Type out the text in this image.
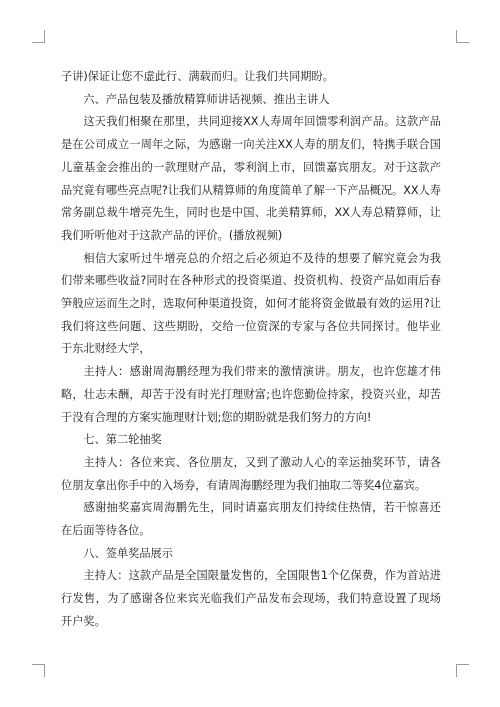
子讲)保证让您不虚此行、满载而归。让我们共同期盼。

六、产品包装及播放精算师讲话视频、推出主讲人

这天我们相聚在那里，共同迎接XX人寿周年回馈零利润产品。这款产品是在公司成立一周年之际，为感谢一向关注XX人寿的朋友们，特携手联合国儿童基金会推出的一款理财产品，零利润上市，回馈嘉宾朋友。对于这款产品究竟有哪些亮点呢?让我们从精算师的角度简单了解一下产品概况。XX人寿常务副总裁牛增亮先生，同时也是中国、北美精算师，XX人寿总精算师，让我们听听他对于这款产品的评价。(播放视频)

相信大家听过牛增亮总的介绍之后必须迫不及待的想要了解究竟会为我们带来哪些收益?同时在各种形式的投资渠道、投资机构、投资产品如雨后春笋般应运而生之时，选取何种渠道投资，如何才能将资金做最有效的运用?让我们将这些问题、这些期盼，交给一位资深的专家与各位共同探讨。他毕业于东北财经大学，

主持人：感谢周海鹏经理为我们带来的激情演讲。朋友，也许您雄才伟略，壮志未酬，却苦于没有时光打理财富;也许您勤俭持家，投资兴业，却苦于没有合理的方案实施理财计划;您的期盼就是我们努力的方向!

七、第二轮抽奖

主持人：各位来宾、各位朋友，又到了激动人心的幸运抽奖环节，请各位朋友拿出你手中的入场券，有请周海鹏经理为我们抽取二等奖4位嘉宾。

感谢抽奖嘉宾周海鹏先生，同时请嘉宾朋友们持续住热情，若干惊喜还在后面等待各位。

八、签单奖品展示

主持人：这款产品是全国限量发售的，全国限售1个亿保费，作为首站进行发售，为了感谢各位来宾光临我们产品发布会现场，我们特意设置了现场开户奖。
